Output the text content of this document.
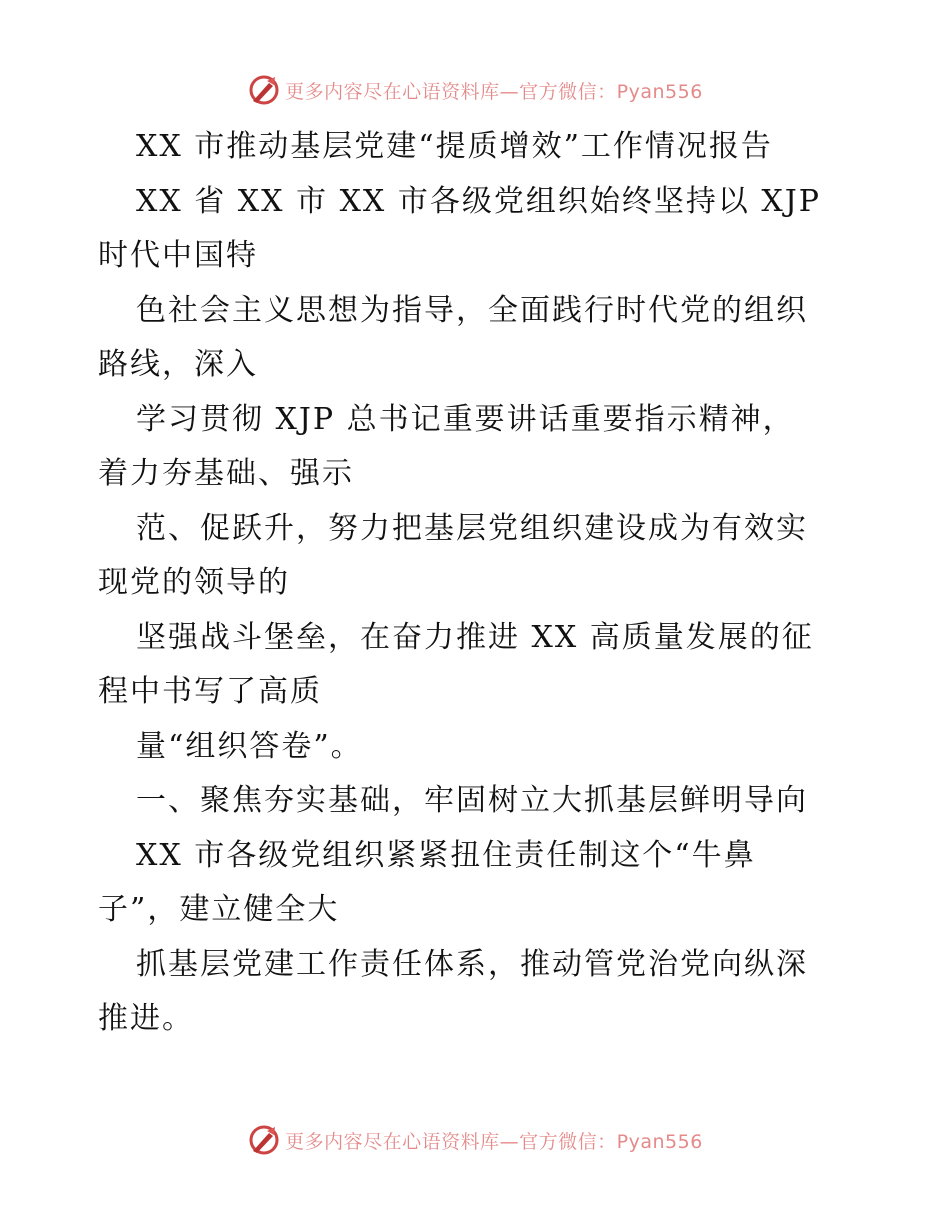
更多内容尽在心语资料库—官方微信：Pyan556
XX 市推动基层党建“提质增效”工作情况报告
XX 省 XX 市 XX 市各级党组织始终坚持以 XJP
时代中国特
色社会主义思想为指导，全面践行时代党的组织
路线，深入
学习贯彻 XJP 总书记重要讲话重要指示精神，
着力夯基础、强示
范、促跃升，努力把基层党组织建设成为有效实
现党的领导的
坚强战斗堡垒，在奋力推进 XX 高质量发展的征
程中书写了高质
量“组织答卷”。
一、聚焦夯实基础，牢固树立大抓基层鲜明导向
XX 市各级党组织紧紧扭住责任制这个“牛鼻
子”，建立健全大
抓基层党建工作责任体系，推动管党治党向纵深
推进。
更多内容尽在心语资料库—官方微信：Pyan556
